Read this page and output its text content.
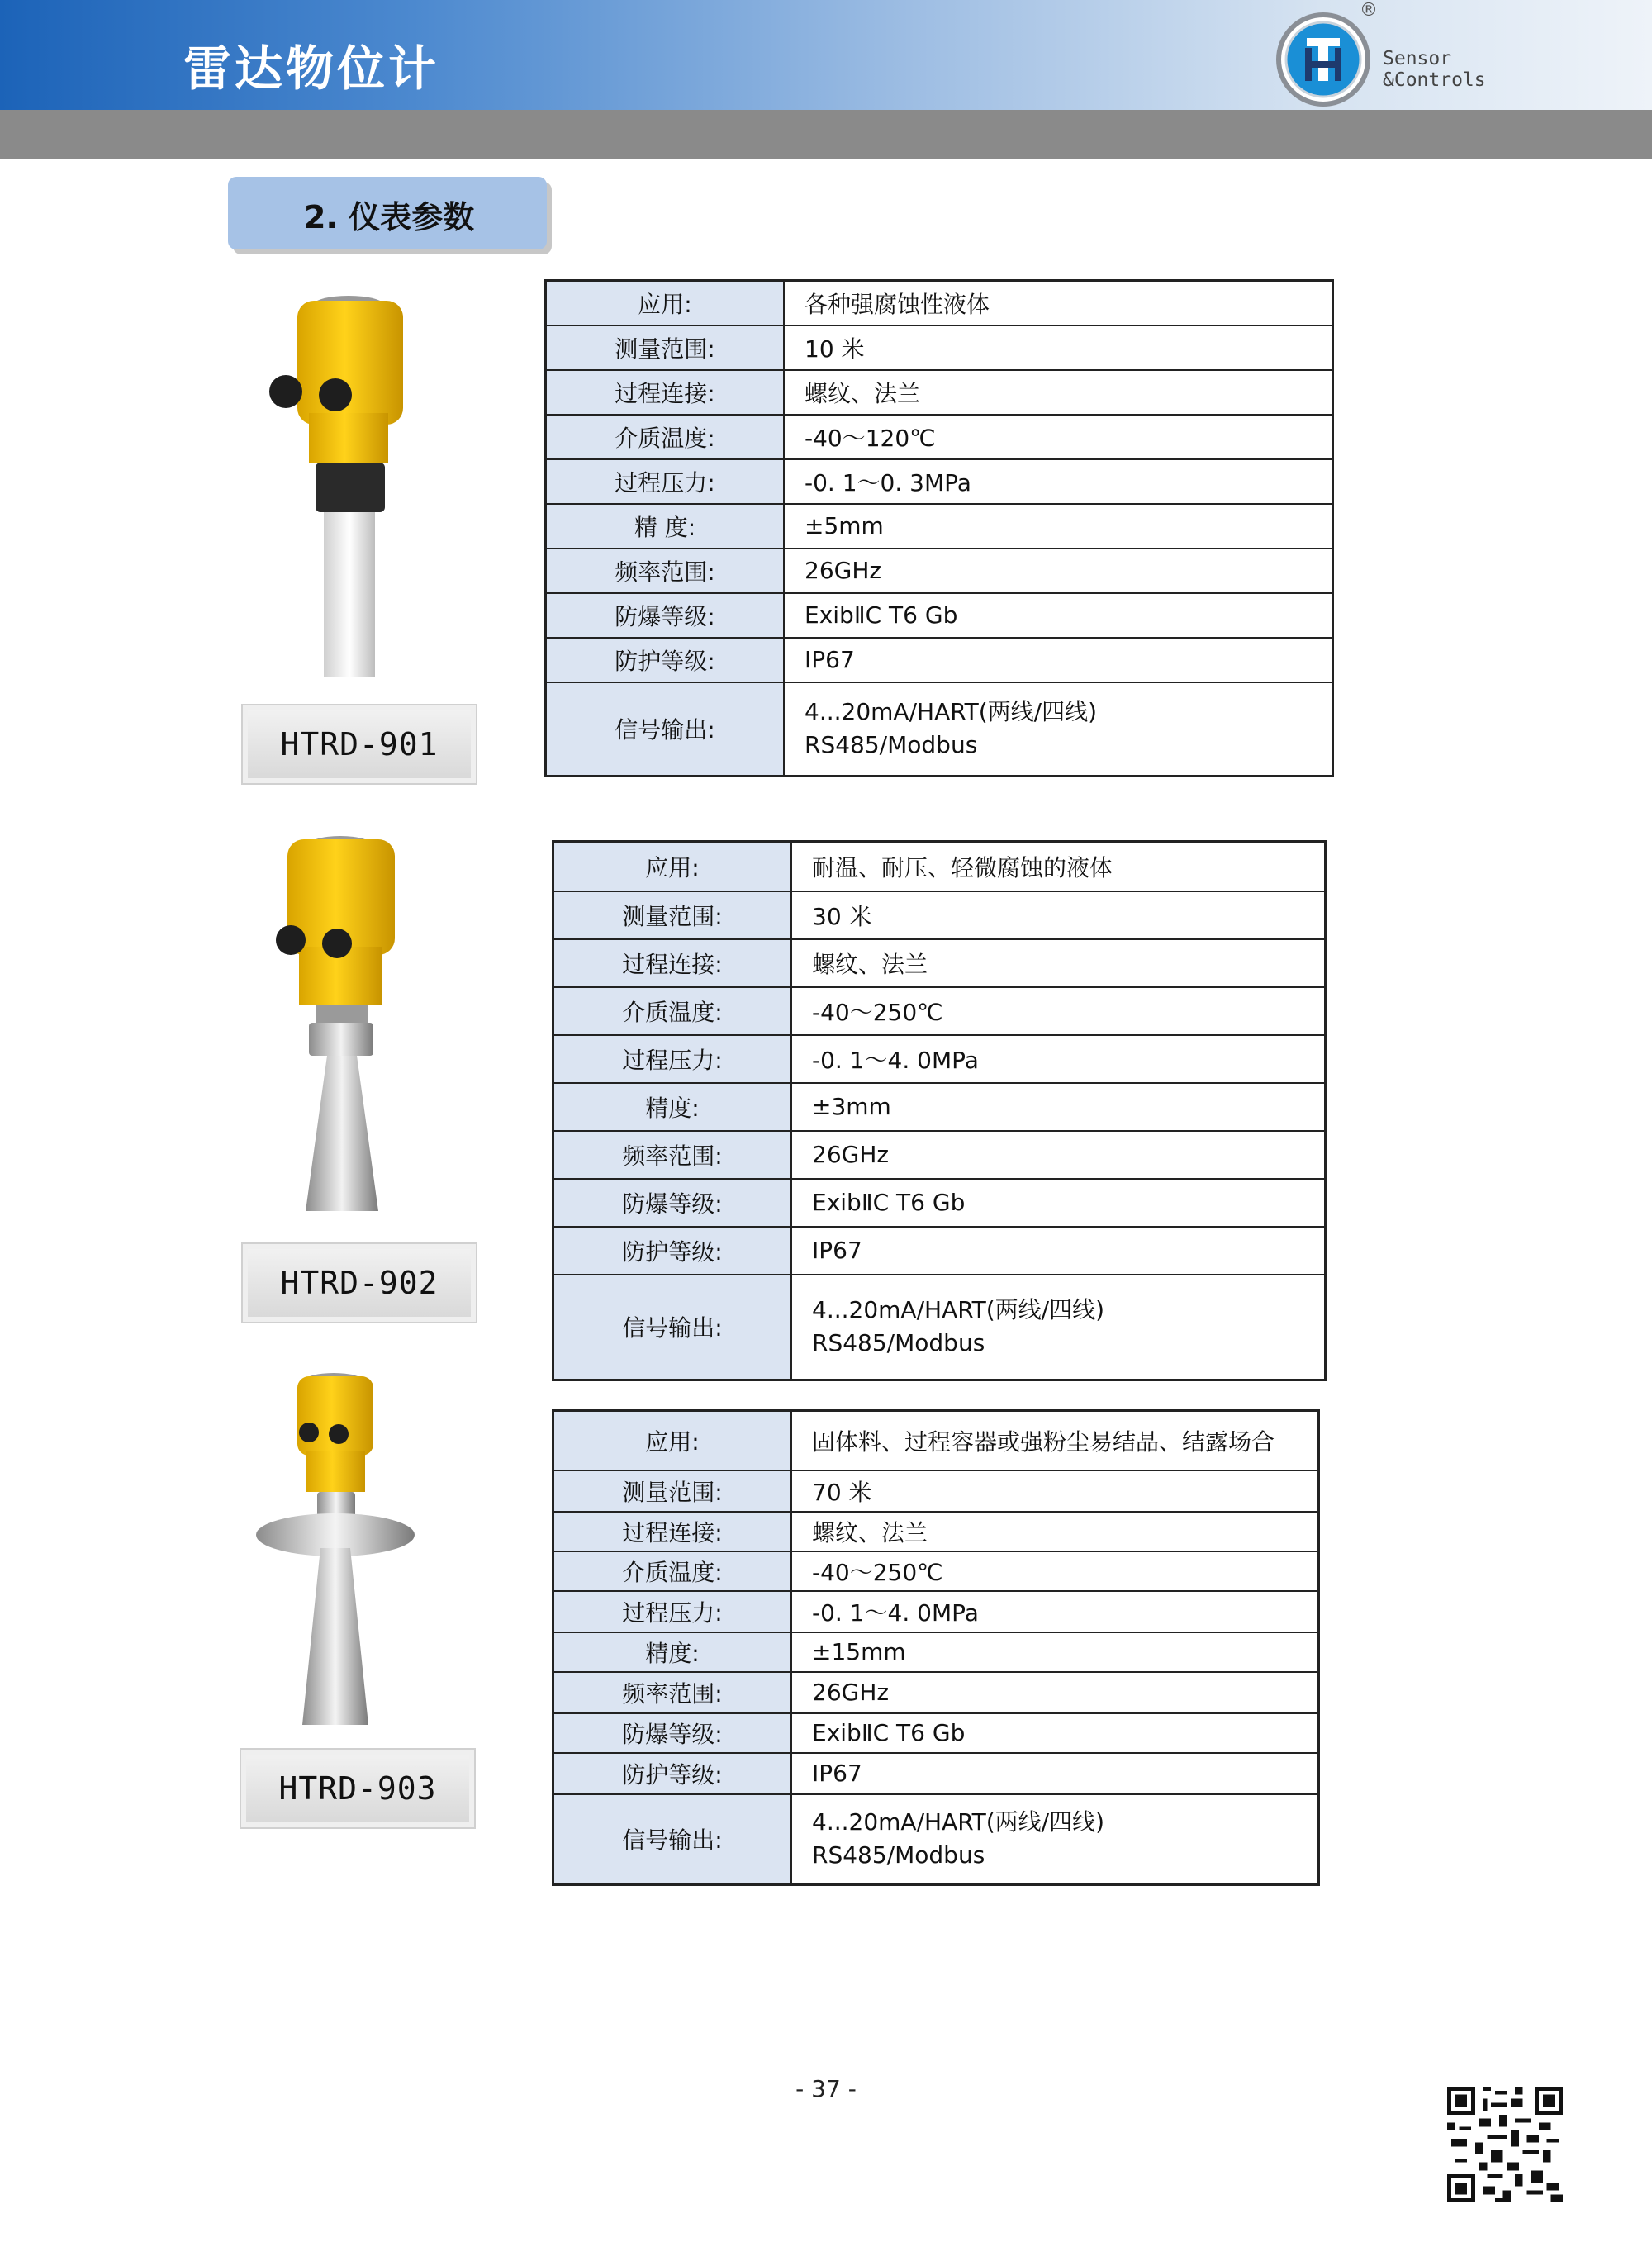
雷达物位计
®
Sensor
&Controls
2. 仪表参数
HTRD-901
应用:	各种强腐蚀性液体
测量范围:	10 米
过程连接:	螺纹、法兰
介质温度:	-40～120℃
过程压力:	-0. 1～0. 3MPa
精 度:	±5mm
频率范围:	26GHz
防爆等级:	ExibⅡC T6 Gb
防护等级:	IP67
信号输出:	4...20mA/HART(两线/四线)
RS485/Modbus
HTRD-902
应用:	耐温、耐压、轻微腐蚀的液体
测量范围:	30 米
过程连接:	螺纹、法兰
介质温度:	-40～250℃
过程压力:	-0. 1～4. 0MPa
精度:	±3mm
频率范围:	26GHz
防爆等级:	ExibⅡC T6 Gb
防护等级:	IP67
信号输出:	4...20mA/HART(两线/四线)
RS485/Modbus
HTRD-903
应用:	固体料、过程容器或强粉尘易结晶、结露场合
测量范围:	70 米
过程连接:	螺纹、法兰
介质温度:	-40～250℃
过程压力:	-0. 1～4. 0MPa
精度:	±15mm
频率范围:	26GHz
防爆等级:	ExibⅡC T6 Gb
防护等级:	IP67
信号输出:	4...20mA/HART(两线/四线)
RS485/Modbus
- 37 -
